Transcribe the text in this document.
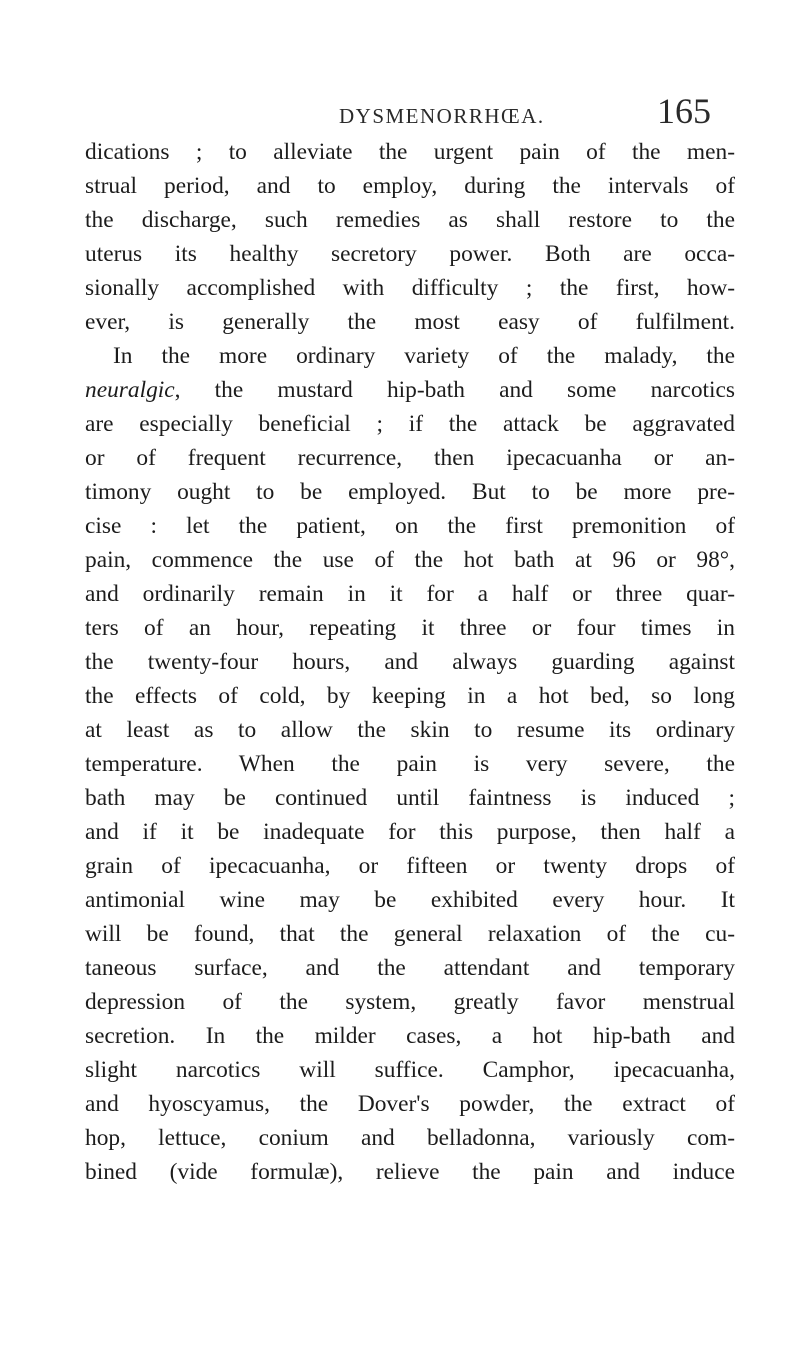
DYSMENORRHŒA.	165
dications ; to alleviate the urgent pain of the men-
strual period, and to employ, during the intervals of
the discharge, such remedies as shall restore to the
uterus its healthy secretory power. Both are occa-
sionally accomplished with difficulty ; the first, how-
ever, is generally the most easy of fulfilment.
In the more ordinary variety of the malady, the
neuralgic, the mustard hip-bath and some narcotics
are especially beneficial ; if the attack be aggravated
or of frequent recurrence, then ipecacuanha or an-
timony ought to be employed. But to be more pre-
cise : let the patient, on the first premonition of
pain, commence the use of the hot bath at 96 or 98°,
and ordinarily remain in it for a half or three quar-
ters of an hour, repeating it three or four times in
the twenty-four hours, and always guarding against
the effects of cold, by keeping in a hot bed, so long
at least as to allow the skin to resume its ordinary
temperature. When the pain is very severe, the
bath may be continued until faintness is induced ;
and if it be inadequate for this purpose, then half a
grain of ipecacuanha, or fifteen or twenty drops of
antimonial wine may be exhibited every hour. It
will be found, that the general relaxation of the cu-
taneous surface, and the attendant and temporary
depression of the system, greatly favor menstrual
secretion. In the milder cases, a hot hip-bath and
slight narcotics will suffice. Camphor, ipecacuanha,
and hyoscyamus, the Dover's powder, the extract of
hop, lettuce, conium and belladonna, variously com-
bined (vide formulæ), relieve the pain and induce
